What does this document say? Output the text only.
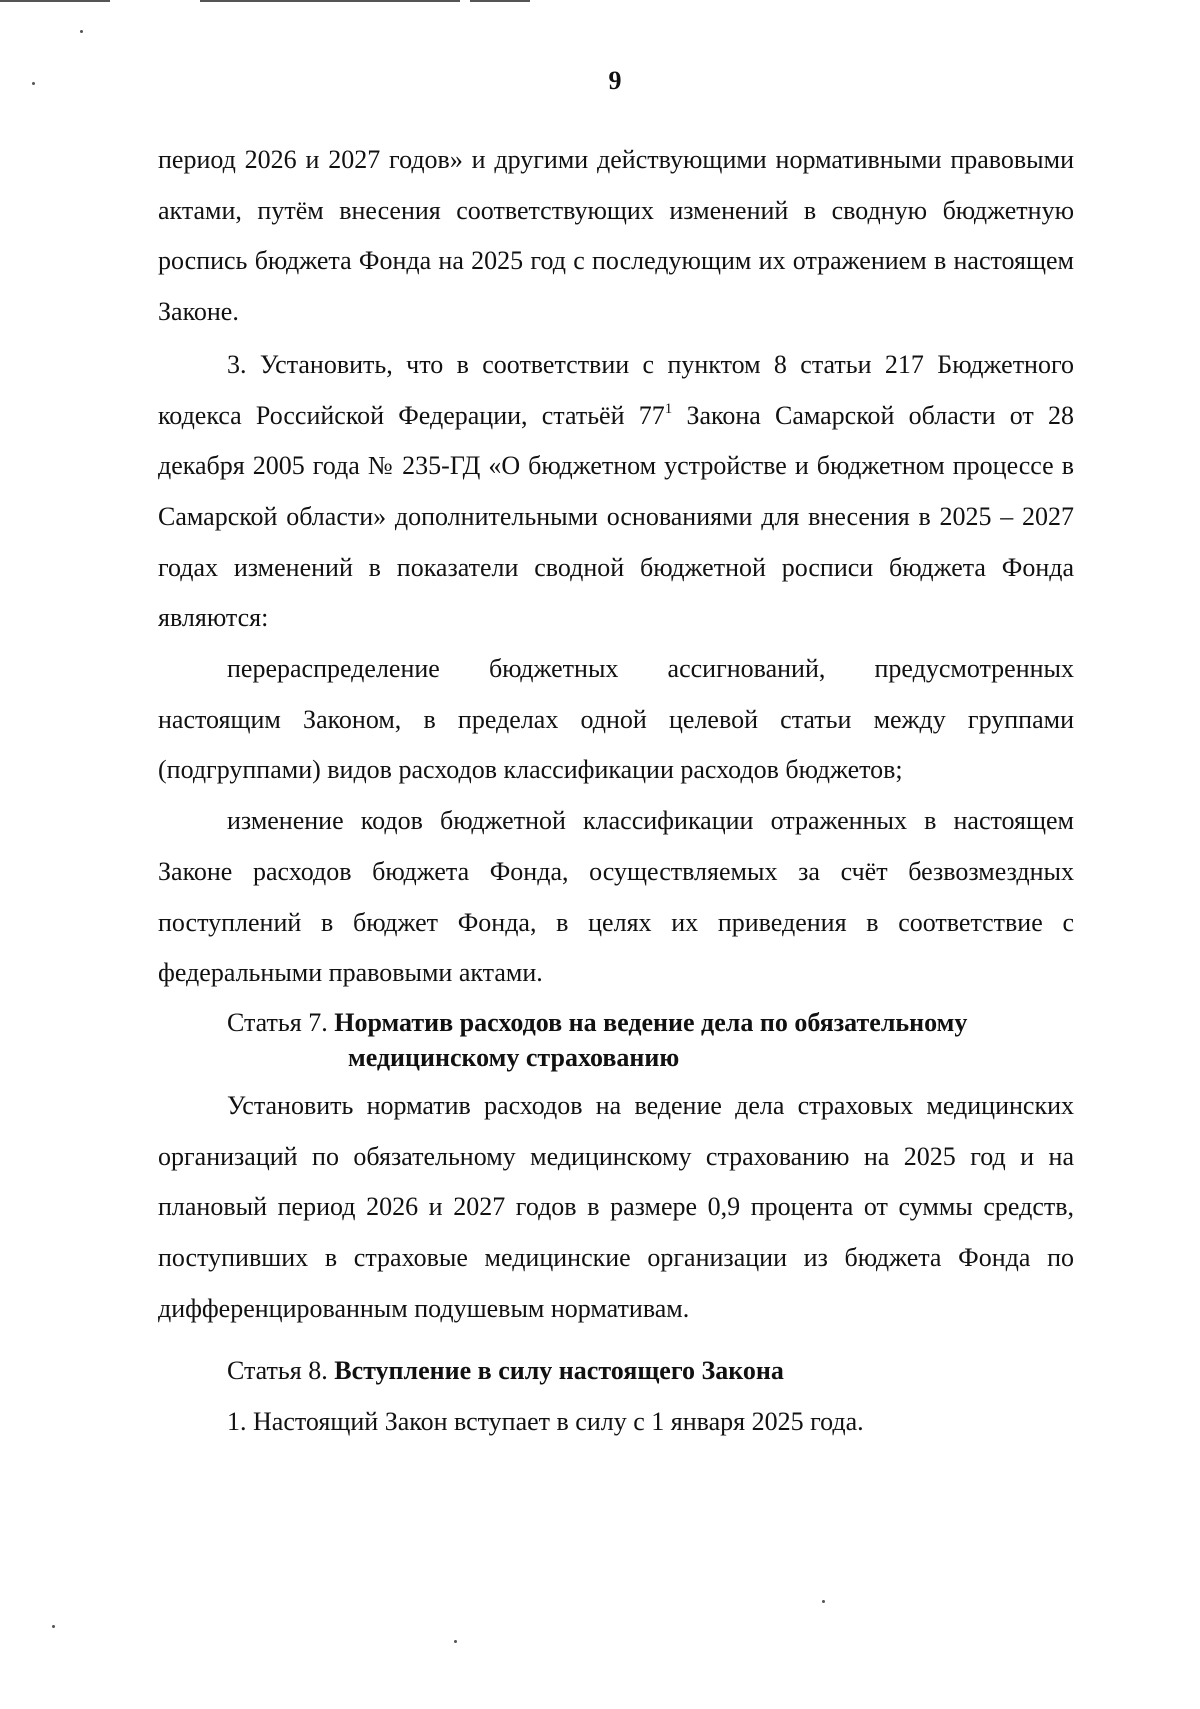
9

период 2026 и 2027 годов» и другими действующими нормативными правовыми актами, путём внесения соответствующих изменений в сводную бюджетную роспись бюджета Фонда на 2025 год с последующим их отражением в настоящем Законе.

3. Установить, что в соответствии с пунктом 8 статьи 217 Бюджетного кодекса Российской Федерации, статьёй $77^1$ Закона Самарской области от 28 декабря 2005 года № 235-ГД «О бюджетном устройстве и бюджетном процессе в Самарской области» дополнительными основаниями для внесения в 2025 – 2027 годах изменений в показатели сводной бюджетной росписи бюджета Фонда являются:

перераспределение бюджетных ассигнований, предусмотренных настоящим Законом, в пределах одной целевой статьи между группами (подгруппами) видов расходов классификации расходов бюджетов;

изменение кодов бюджетной классификации отраженных в настоящем Законе расходов бюджета Фонда, осуществляемых за счёт безвозмездных поступлений в бюджет Фонда, в целях их приведения в соответствие с федеральными правовыми актами.

Статья 7. Норматив расходов на ведение дела по обязательному
медицинскому страхованию

Установить норматив расходов на ведение дела страховых медицинских организаций по обязательному медицинскому страхованию на 2025 год и на плановый период 2026 и 2027 годов в размере 0,9 процента от суммы средств, поступивших в страховые медицинские организации из бюджета Фонда по дифференцированным подушевым нормативам.

Статья 8. Вступление в силу настоящего Закона

1. Настоящий Закон вступает в силу с 1 января 2025 года.
